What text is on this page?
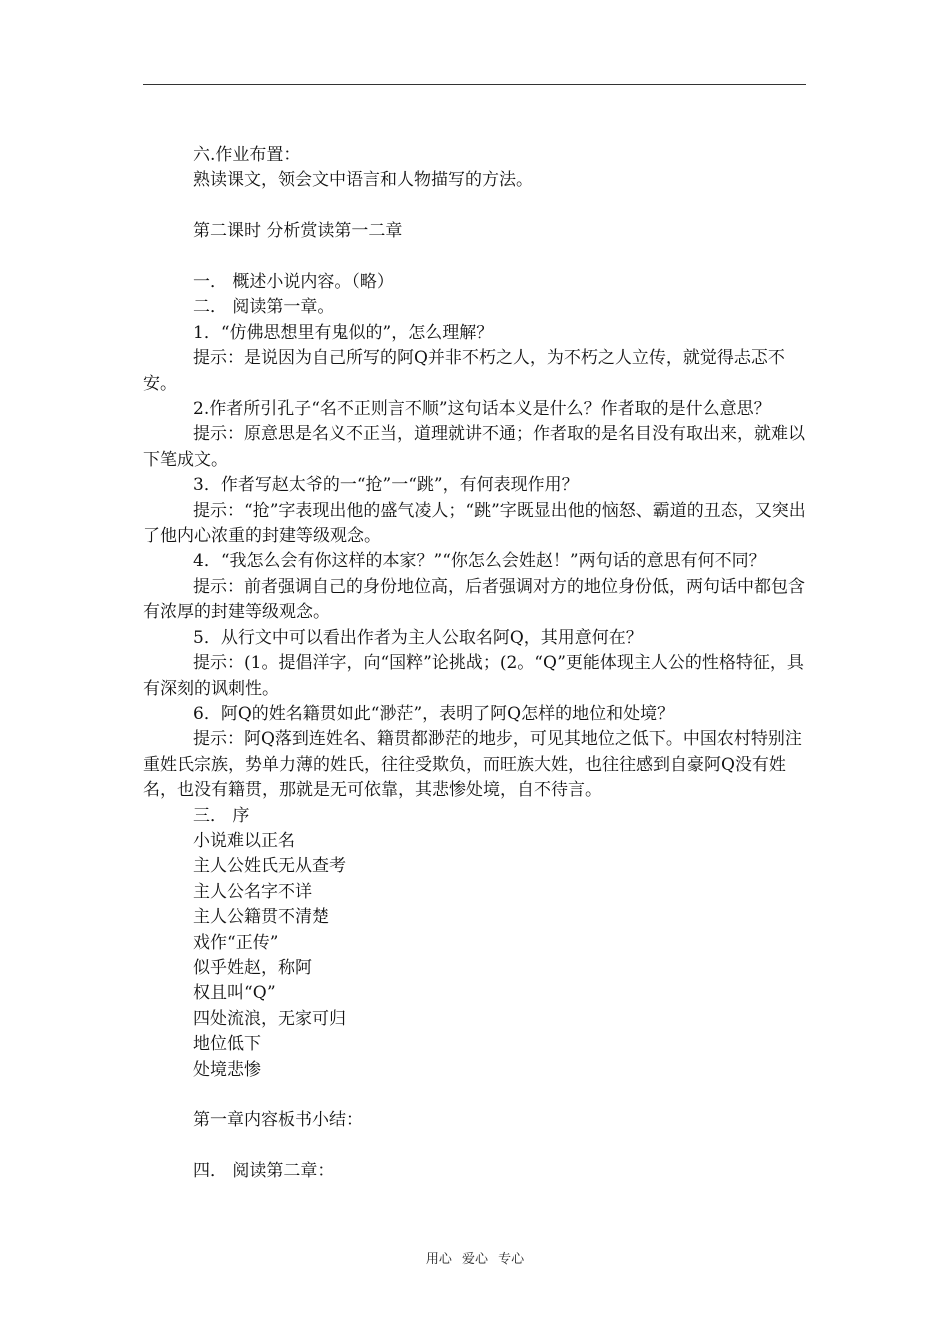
六.作业布置：

熟读课文，领会文中语言和人物描写的方法。

第二课时 分析赏读第一二章

一． 概述小说内容。（略）

二． 阅读第一章。

1．“仿佛思想里有鬼似的”，怎么理解？

提示：是说因为自己所写的阿Q并非不朽之人，为不朽之人立传，就觉得忐忑不安。

2.作者所引孔子“名不正则言不顺”这句话本义是什么？作者取的是什么意思？

提示：原意思是名义不正当，道理就讲不通；作者取的是名目没有取出来，就难以下笔成文。

3．作者写赵太爷的一“抢”一“跳”，有何表现作用？

提示：“抢”字表现出他的盛气凌人；“跳”字既显出他的恼怒、霸道的丑态，又突出了他内心浓重的封建等级观念。

4．“我怎么会有你这样的本家？”“你怎么会姓赵！”两句话的意思有何不同？

提示：前者强调自己的身份地位高，后者强调对方的地位身份低，两句话中都包含有浓厚的封建等级观念。

5．从行文中可以看出作者为主人公取名阿Q，其用意何在？

提示：(1。提倡洋字，向“国粹”论挑战；(2。“Q”更能体现主人公的性格特征，具有深刻的讽刺性。

6．阿Q的姓名籍贯如此“渺茫”，表明了阿Q怎样的地位和处境？

提示：阿Q落到连姓名、籍贯都渺茫的地步，可见其地位之低下。中国农村特别注重姓氏宗族，势单力薄的姓氏，往往受欺负，而旺族大姓，也往往感到自豪阿Q没有姓名，也没有籍贯，那就是无可依靠，其悲惨处境，自不待言。

三． 序

小说难以正名

主人公姓氏无从查考

主人公名字不详

主人公籍贯不清楚

戏作“正传”

似乎姓赵，称阿

权且叫“Q”

四处流浪，无家可归

地位低下

处境悲惨

第一章内容板书小结：

四． 阅读第二章：

用心 爱心 专心
